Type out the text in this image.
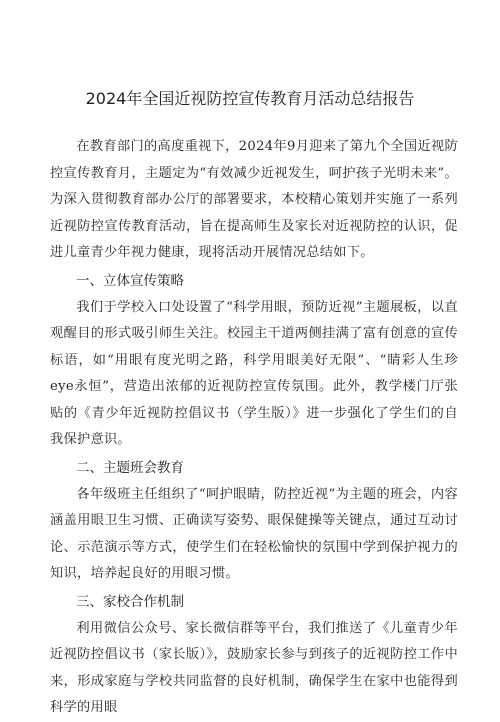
2024年全国近视防控宣传教育月活动总结报告

在教育部门的高度重视下，2024年9月迎来了第九个全国近视防控宣传教育月，主题定为“有效减少近视发生，呵护孩子光明未来”。为深入贯彻教育部办公厅的部署要求，本校精心策划并实施了一系列近视防控宣传教育活动，旨在提高师生及家长对近视防控的认识，促进儿童青少年视力健康，现将活动开展情况总结如下。

一、立体宣传策略

我们于学校入口处设置了“科学用眼，预防近视”主题展板，以直观醒目的形式吸引师生关注。校园主干道两侧挂满了富有创意的宣传标语，如“用眼有度光明之路，科学用眼美好无限”、“睛彩人生珍eye永恒”，营造出浓郁的近视防控宣传氛围。此外，教学楼门厅张贴的《青少年近视防控倡议书（学生版）》进一步强化了学生们的自我保护意识。

二、主题班会教育

各年级班主任组织了“呵护眼睛，防控近视”为主题的班会，内容涵盖用眼卫生习惯、正确读写姿势、眼保健操等关键点，通过互动讨论、示范演示等方式，使学生们在轻松愉快的氛围中学到保护视力的知识，培养起良好的用眼习惯。

三、家校合作机制

利用微信公众号、家长微信群等平台，我们推送了《儿童青少年近视防控倡议书（家长版）》，鼓励家长参与到孩子的近视防控工作中来，形成家庭与学校共同监督的良好机制，确保学生在家中也能得到科学的用眼
